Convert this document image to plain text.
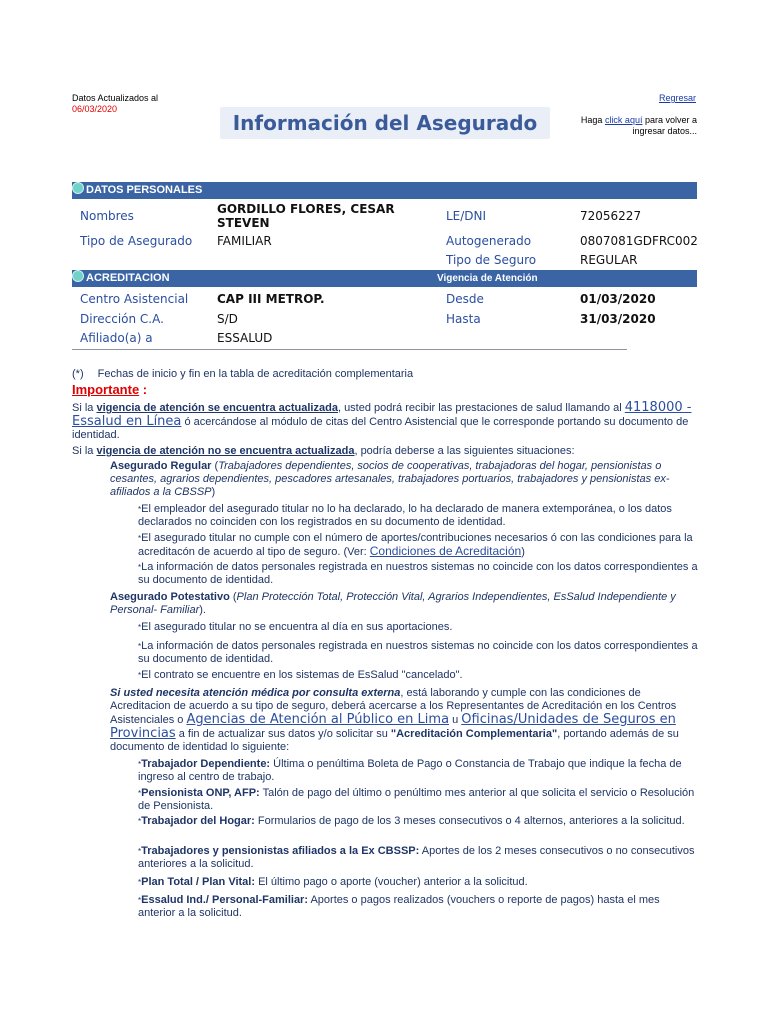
Datos Actualizados al
06/03/2020
Regresar
Información del Asegurado	Haga click aquí para volver a ingresar datos...
DATOS PERSONALES
Nombres	GORDILLO FLORES, CESAR STEVEN	LE/DNI	72056227
Tipo de Asegurado FAMILIAR	Autogenerado	0807081GDFRC002
Tipo de Seguro	REGULAR
ACREDITACION	Vigencia de Atención
Centro Asistencial CAP III METROP.	Desde	01/03/2020
Dirección C.A.	S/D	Hasta	31/03/2020
Afiliado(a) a	ESSALUD
(*) Fechas de inicio y fin en la tabla de acreditación complementaria
Importante :
Si la vigencia de atención se encuentra actualizada, usted podrá recibir las prestaciones de salud llamando al 4118000 - Essalud en Línea ó acercándose al módulo de citas del Centro Asistencial que le corresponde portando su documento de identidad.
Si la vigencia de atención no se encuentra actualizada, podría deberse a las siguientes situaciones:
Asegurado Regular (Trabajadores dependientes, socios de cooperativas, trabajadoras del hogar, pensionistas o cesantes, agrarios dependientes, pescadores artesanales, trabajadores portuarios, trabajadores y pensionistas ex-afiliados a la CBSSP)
*El empleador del asegurado titular no lo ha declarado, lo ha declarado de manera extemporánea, o los datos declarados no coinciden con los registrados en su documento de identidad.
*El asegurado titular no cumple con el número de aportes/contribuciones necesarios ó con las condiciones para la acreditacón de acuerdo al tipo de seguro. (Ver: Condiciones de Acreditación)
*La información de datos personales registrada en nuestros sistemas no coincide con los datos correspondientes a su documento de identidad.
Asegurado Potestativo (Plan Protección Total, Protección Vital, Agrarios Independientes, EsSalud Independiente y Personal- Familiar).
*El asegurado titular no se encuentra al día en sus aportaciones.
*La información de datos personales registrada en nuestros sistemas no coincide con los datos correspondientes a su documento de identidad.
*El contrato se encuentre en los sistemas de EsSalud "cancelado".
Si usted necesita atención médica por consulta externa, está laborando y cumple con las condiciones de Acreditacion de acuerdo a su tipo de seguro, deberá acercarse a los Representantes de Acreditación en los Centros Asistenciales o Agencias de Atención al Público en Lima u Oficinas/Unidades de Seguros en Provincias a fin de actualizar sus datos y/o solicitar su "Acreditación Complementaria", portando además de su documento de identidad lo siguiente:
*Trabajador Dependiente: Última o penúltima Boleta de Pago o Constancia de Trabajo que indique la fecha de ingreso al centro de trabajo.
*Pensionista ONP, AFP: Talón de pago del último o penúltimo mes anterior al que solicita el servicio o Resolución de Pensionista.
*Trabajador del Hogar: Formularios de pago de los 3 meses consecutivos o 4 alternos, anteriores a la solicitud.
*Trabajadores y pensionistas afiliados a la Ex CBSSP: Aportes de los 2 meses consecutivos o no consecutivos anteriores a la solicitud.
*Plan Total / Plan Vital: El último pago o aporte (voucher) anterior a la solicitud.
*Essalud Ind./ Personal-Familiar: Aportes o pagos realizados (vouchers o reporte de pagos) hasta el mes anterior a la solicitud.
